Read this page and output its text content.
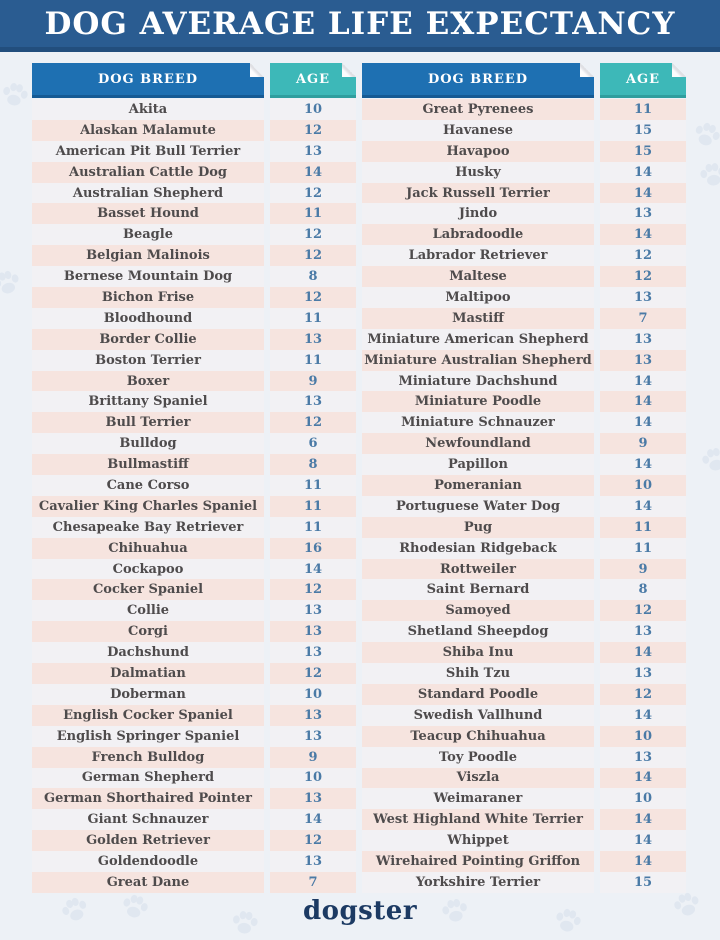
DOG AVERAGE LIFE EXPECTANCY
DOG BREED	AGE
Akita	10
Alaskan Malamute	12
American Pit Bull Terrier	13
Australian Cattle Dog	14
Australian Shepherd	12
Basset Hound	11
Beagle	12
Belgian Malinois	12
Bernese Mountain Dog	8
Bichon Frise	12
Bloodhound	11
Border Collie	13
Boston Terrier	11
Boxer	9
Brittany Spaniel	13
Bull Terrier	12
Bulldog	6
Bullmastiff	8
Cane Corso	11
Cavalier King Charles Spaniel	11
Chesapeake Bay Retriever	11
Chihuahua	16
Cockapoo	14
Cocker Spaniel	12
Collie	13
Corgi	13
Dachshund	13
Dalmatian	12
Doberman	10
English Cocker Spaniel	13
English Springer Spaniel	13
French Bulldog	9
German Shepherd	10
German Shorthaired Pointer	13
Giant Schnauzer	14
Golden Retriever	12
Goldendoodle	13
Great Dane	7
DOG BREED	AGE
Great Pyrenees	11
Havanese	15
Havapoo	15
Husky	14
Jack Russell Terrier	14
Jindo	13
Labradoodle	14
Labrador Retriever	12
Maltese	12
Maltipoo	13
Mastiff	7
Miniature American Shepherd	13
Miniature Australian Shepherd	13
Miniature Dachshund	14
Miniature Poodle	14
Miniature Schnauzer	14
Newfoundland	9
Papillon	14
Pomeranian	10
Portuguese Water Dog	14
Pug	11
Rhodesian Ridgeback	11
Rottweiler	9
Saint Bernard	8
Samoyed	12
Shetland Sheepdog	13
Shiba Inu	14
Shih Tzu	13
Standard Poodle	12
Swedish Vallhund	14
Teacup Chihuahua	10
Toy Poodle	13
Viszla	14
Weimaraner	10
West Highland White Terrier	14
Whippet	14
Wirehaired Pointing Griffon	14
Yorkshire Terrier	15
dogster
